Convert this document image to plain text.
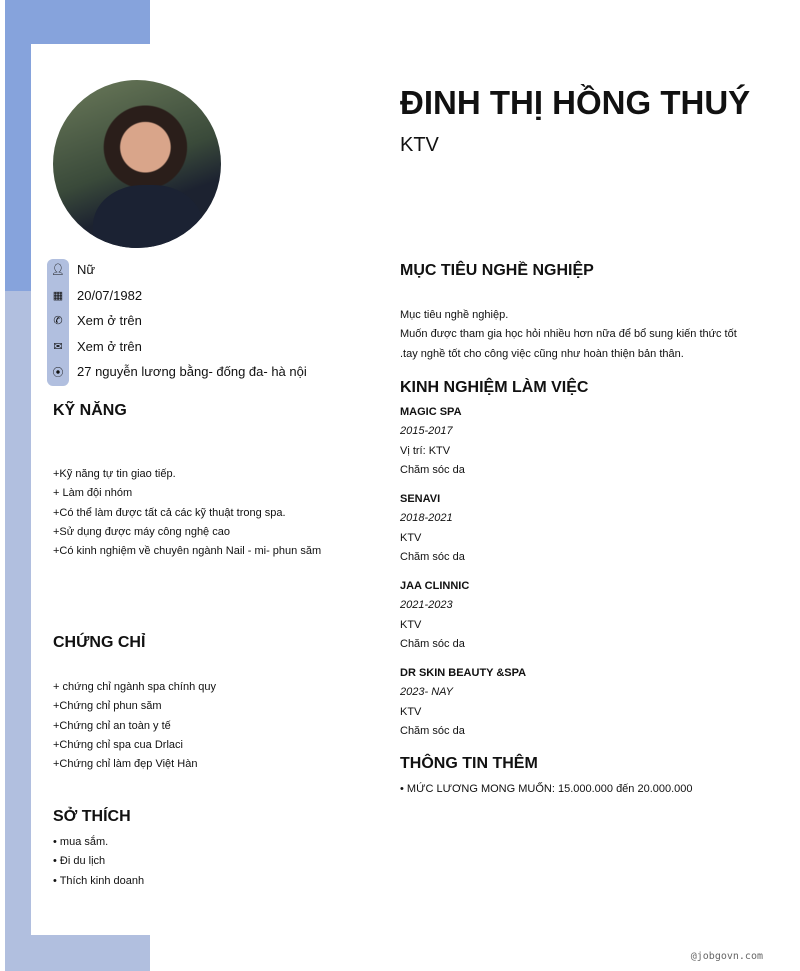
ĐINH THỊ HỒNG THUÝ
KTV
👤︎ Nữ
▦ 20/07/1982
✆ Xem ở trên
✉ Xem ở trên
⦿ 27 nguyễn lương bằng- đống đa- hà nội
KỸ NĂNG
+Kỹ năng tự tin giao tiếp.
+ Làm đội nhóm
+Có thể làm được tất cả các kỹ thuật trong spa.
+Sử dụng được máy công nghệ cao
+Có kinh nghiệm về chuyên ngành Nail - mi- phun săm
CHỨNG CHỈ
+ chứng chỉ ngành spa chính quy
+Chứng chỉ phun săm
+Chứng chỉ an toàn y tế
+Chứng chỉ spa cua Drlaci
+Chứng chỉ làm đẹp Việt Hàn
SỞ THÍCH
• mua sắm.
• Đi du lịch
• Thích kinh doanh
MỤC TIÊU NGHỀ NGHIỆP
Mục tiêu nghề nghiệp.
Muốn được tham gia học hỏi nhiều hơn nữa để bổ sung kiến thức tốt
.tay nghề tốt cho công việc cũng như hoàn thiện bản thân.
KINH NGHIỆM LÀM VIỆC
MAGIC SPA
2015-2017
Vị trí: KTV
Chăm sóc da
SENAVI
2018-2021
KTV
Chăm sóc da
JAA CLINNIC
2021-2023
KTV
Chăm sóc da
DR SKIN BEAUTY &SPA
2023- NAY
KTV
Chăm sóc da
THÔNG TIN THÊM
• MỨC LƯƠNG MONG MUỐN: 15.000.000 đến 20.000.000
@jobgovn.com
